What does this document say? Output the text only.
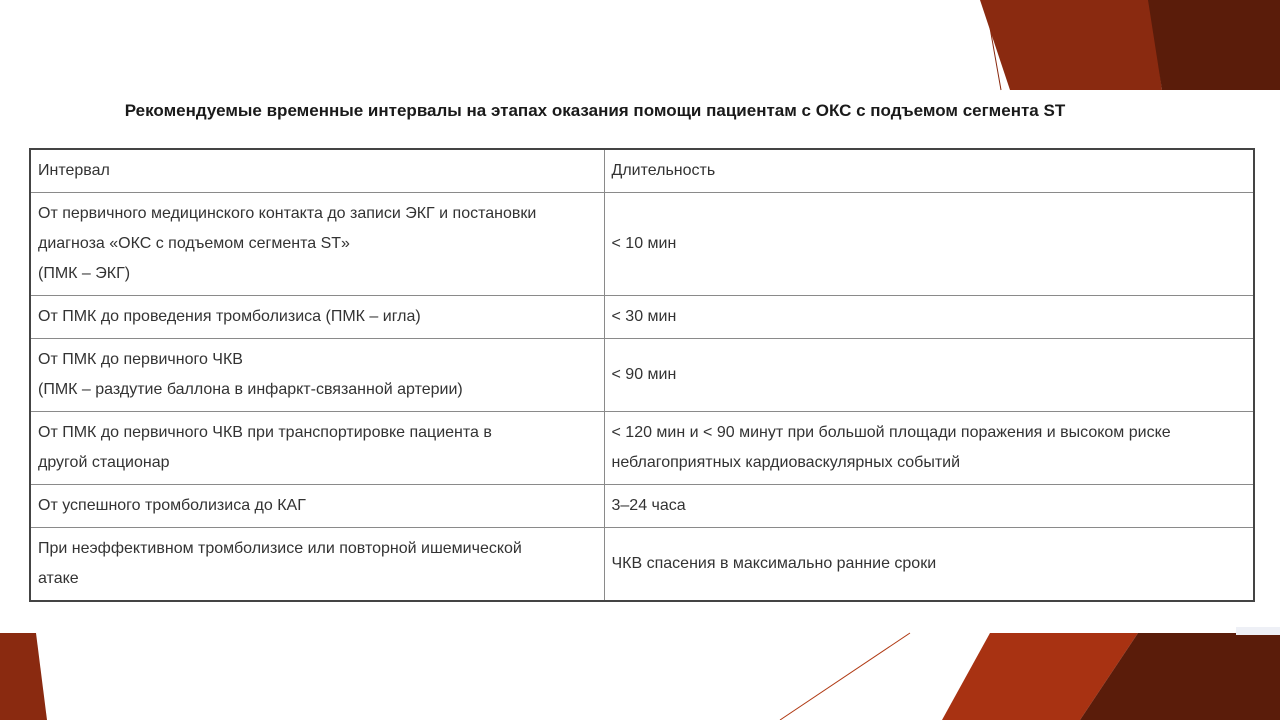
Рекомендуемые временные интервалы на этапах оказания помощи пациентам с ОКС с подъемом сегмента ST
Интервал	Длительность

От первичного медицинского контакта до записи ЭКГ и постановки
диагноза «ОКС с подъемом сегмента ST»
(ПМК – ЭКГ)	< 10 мин

От ПМК до проведения тромболизиса (ПМК – игла)	< 30 мин

От ПМК до первичного ЧКВ
(ПМК – раздутие баллона в инфаркт-связанной артерии)	< 90 мин

От ПМК до первичного ЧКВ при транспортировке пациента в
другой стационар	< 120 мин и < 90 минут при большой площади поражения и высоком риске
неблагоприятных кардиоваскулярных событий

От успешного тромболизиса до КАГ	3–24 часа

При неэффективном тромболизисе или повторной ишемической
атаке	ЧКВ спасения в максимально ранние сроки
